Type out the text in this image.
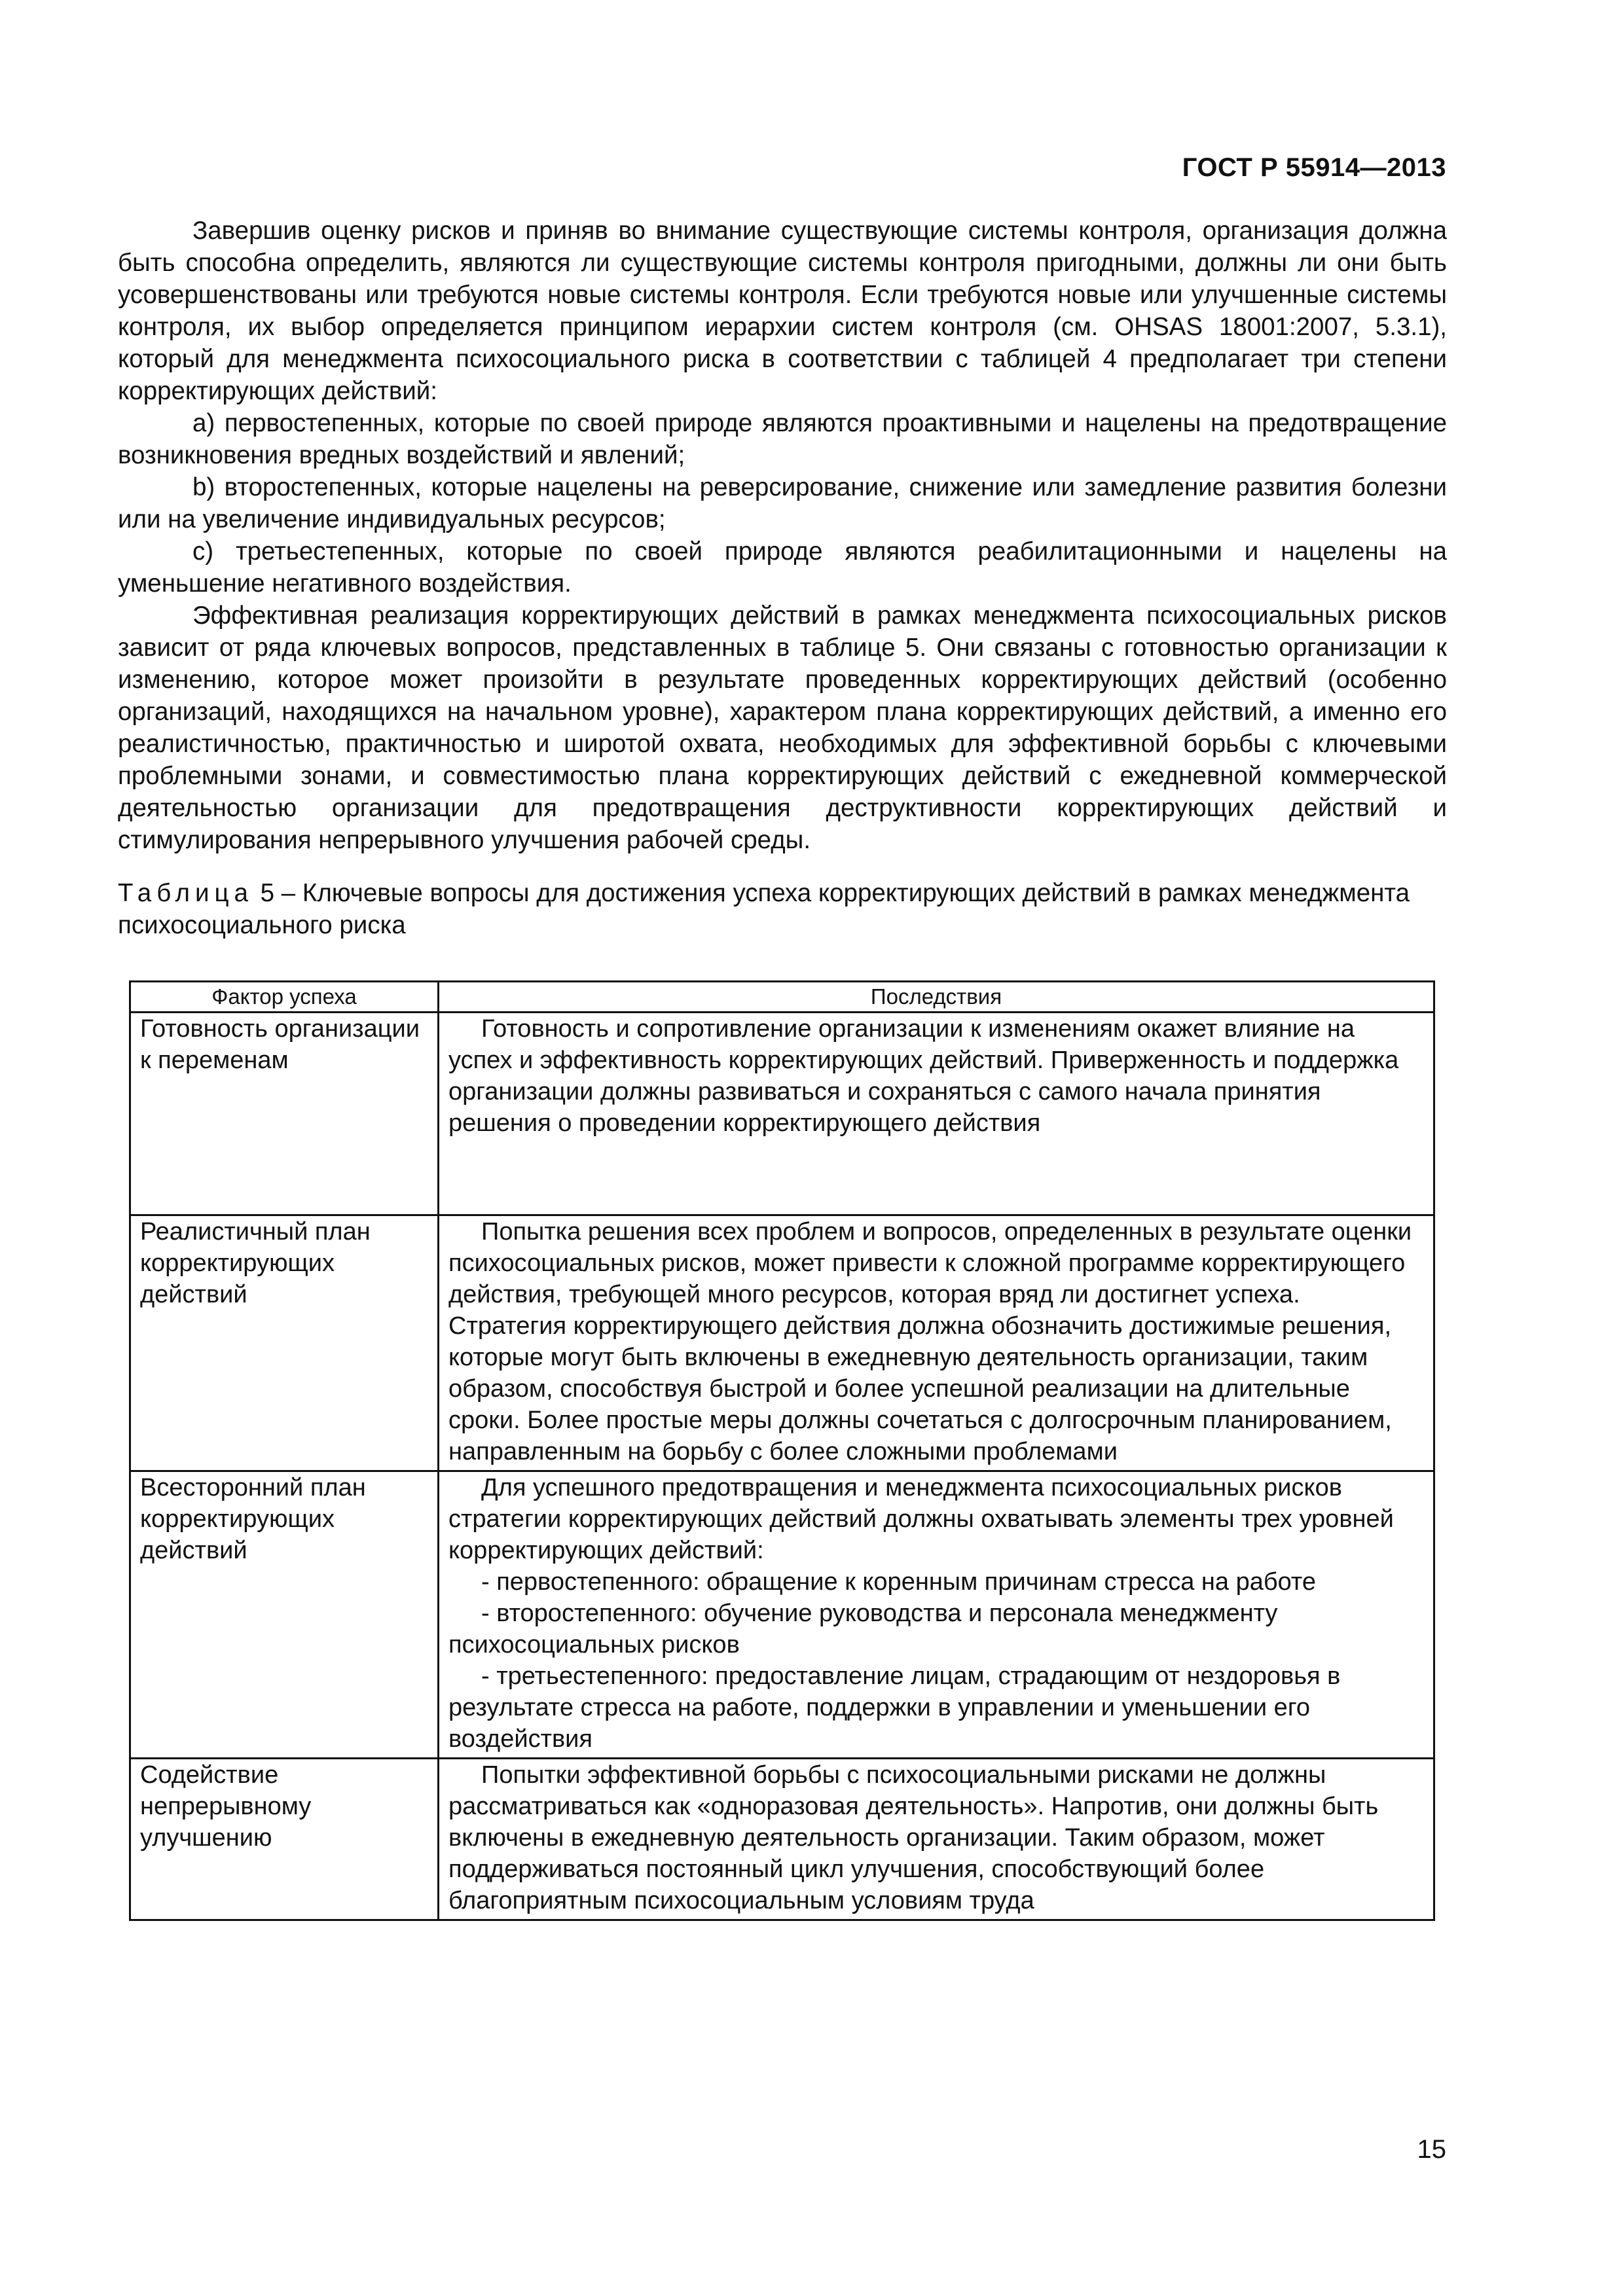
ГОСТ Р 55914—2013

Завершив оценку рисков и приняв во внимание существующие системы контроля, организация должна быть способна определить, являются ли существующие системы контроля пригодными, должны ли они быть усовершенствованы или требуются новые системы контроля. Если требуются новые или улучшенные системы контроля, их выбор определяется принципом иерархии систем контроля (см. OHSAS 18001:2007, 5.3.1), который для менеджмента психосоциального риска в соответствии с таблицей 4 предполагает три степени корректирующих действий:

a) первостепенных, которые по своей природе являются проактивными и нацелены на предотвращение возникновения вредных воздействий и явлений;

b) второстепенных, которые нацелены на реверсирование, снижение или замедление развития болезни или на увеличение индивидуальных ресурсов;

c) третьестепенных, которые по своей природе являются реабилитационными и нацелены на уменьшение негативного воздействия.

Эффективная реализация корректирующих действий в рамках менеджмента психосоциальных рисков зависит от ряда ключевых вопросов, представленных в таблице 5. Они связаны с готовностью организации к изменению, которое может произойти в результате проведенных корректирующих действий (особенно организаций, находящихся на начальном уровне), характером плана корректирующих действий, а именно его реалистичностью, практичностью и широтой охвата, необходимых для эффективной борьбы с ключевыми проблемными зонами, и совместимостью плана корректирующих действий с ежедневной коммерческой деятельностью организации для предотвращения деструктивности корректирующих действий и стимулирования непрерывного улучшения рабочей среды.

Таблица 5 – Ключевые вопросы для достижения успеха корректирующих действий в рамках менеджмента психосоциального риска

Фактор успеха	Последствия
Готовность организации к переменам	Готовность и сопротивление организации к изменениям окажет влияние на успех и эффективность корректирующих действий. Приверженность и поддержка организации должны развиваться и сохраняться с самого начала принятия решения о проведении корректирующего действия

Реалистичный план корректирующих действий	Попытка решения всех проблем и вопросов, определенных в результате оценки психосоциальных рисков, может привести к сложной программе корректирующего действия, требующей много ресурсов, которая вряд ли достигнет успеха. Стратегия корректирующего действия должна обозначить достижимые решения, которые могут быть включены в ежедневную деятельность организации, таким образом, способствуя быстрой и более успешной реализации на длительные сроки. Более простые меры должны сочетаться с долгосрочным планированием, направленным на борьбу с более сложными проблемами

Всесторонний план корректирующих действий	Для успешного предотвращения и менеджмента психосоциальных рисков стратегии корректирующих действий должны охватывать элементы трех уровней корректирующих действий:
- первостепенного: обращение к коренным причинам стресса на работе
- второстепенного: обучение руководства и персонала менеджменту психосоциальных рисков
- третьестепенного: предоставление лицам, страдающим от нездоровья в результате стресса на работе, поддержки в управлении и уменьшении его воздействия

Содействие непрерывному улучшению	Попытки эффективной борьбы с психосоциальными рисками не должны рассматриваться как «одноразовая деятельность». Напротив, они должны быть включены в ежедневную деятельность организации. Таким образом, может поддерживаться постоянный цикл улучшения, способствующий более благоприятным психосоциальным условиям труда
15
